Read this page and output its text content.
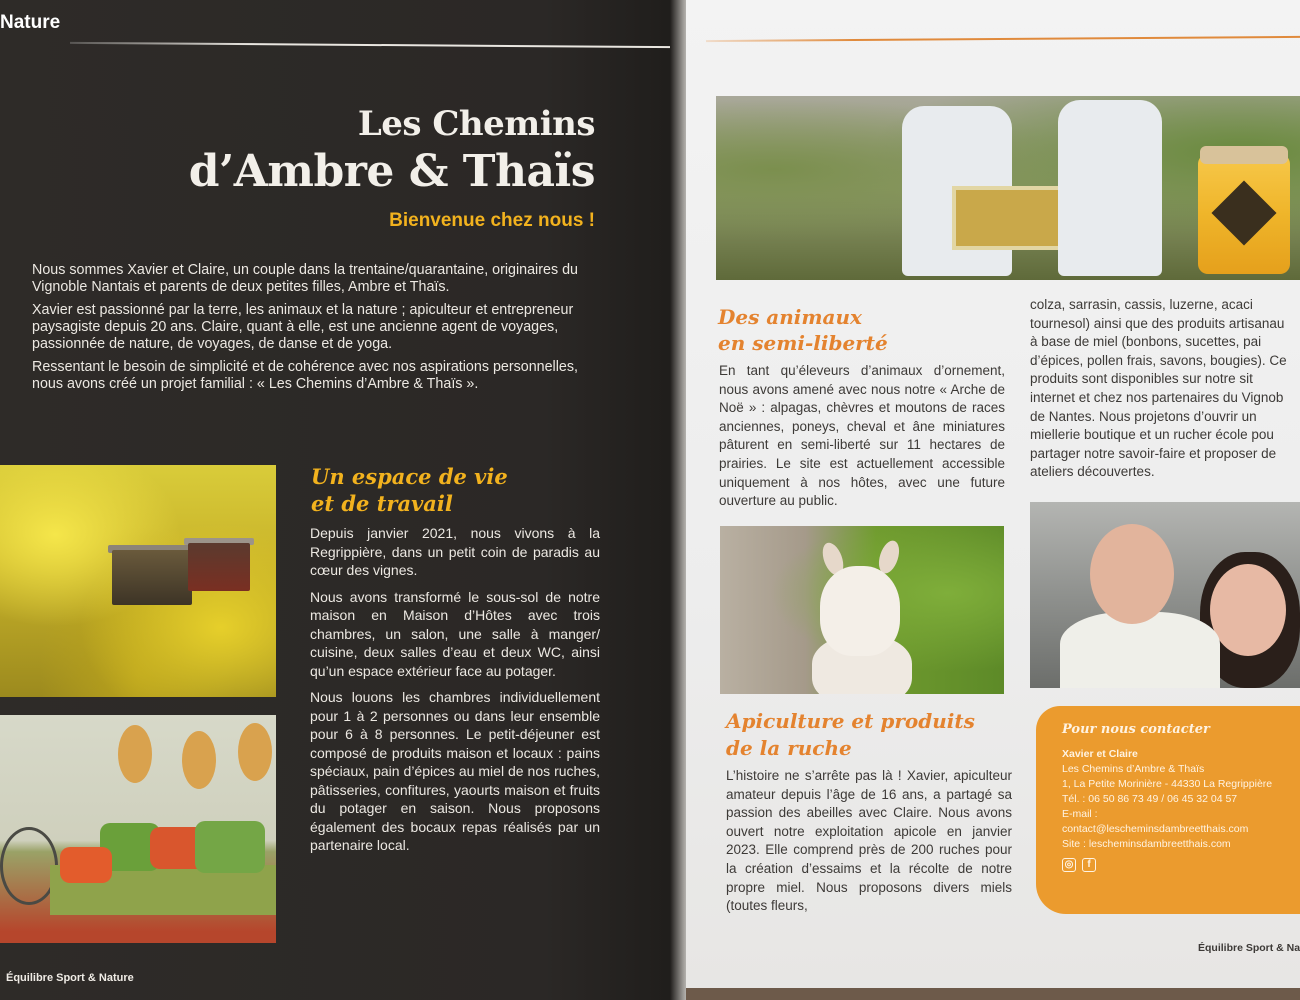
Nature
Les Chemins
d’Ambre & Thaïs
Bienvenue chez nous !

Nous sommes Xavier et Claire, un couple dans la trentaine/quarantaine, originaires du Vignoble Nantais et parents de deux petites filles, Ambre et Thaïs.

Xavier est passionné par la terre, les animaux et la nature ; apiculteur et entrepreneur paysagiste depuis 20 ans. Claire, quant à elle, est une ancienne agent de voyages, passionnée de nature, de voyages, de danse et de yoga.

Ressentant le besoin de simplicité et de cohérence avec nos aspirations personnelles, nous avons créé un projet familial : « Les Chemins d’Ambre & Thaïs ».

Un espace de vie
et de travail

Depuis janvier 2021, nous vivons à la Regrippière, dans un petit coin de paradis au cœur des vignes.

Nous avons transformé le sous-sol de notre maison en Maison d’Hôtes avec trois chambres, un salon, une salle à manger/ cuisine, deux salles d’eau et deux WC, ainsi qu’un espace extérieur face au potager.

Nous louons les chambres individuellement pour 1 à 2 personnes ou dans leur ensemble pour 6 à 8 personnes. Le petit-déjeuner est composé de produits maison et locaux : pains spéciaux, pain d’épices au miel de nos ruches, pâtisseries, confitures, yaourts maison et fruits du potager en saison. Nous proposons également des bocaux repas réalisés par un partenaire local.

Équilibre Sport & Nature
Des animaux
en semi-liberté
En tant qu’éleveurs d’animaux d’ornement, nous avons amené avec nous notre « Arche de Noë » : alpagas, chèvres et moutons de races anciennes, poneys, cheval et âne miniatures pâturent en semi-liberté sur 11 hectares de prairies. Le site est actuellement accessible uniquement à nos hôtes, avec une future ouverture au public.
colza, sarrasin, cassis, luzerne, acaci
tournesol) ainsi que des produits artisanau
à base de miel (bonbons, sucettes, pai
d’épices, pollen frais, savons, bougies). Ce
produits sont disponibles sur notre sit
internet et chez nos partenaires du Vignob
de Nantes. Nous projetons d’ouvrir un
miellerie boutique et un rucher école pou
partager notre savoir-faire et proposer de
ateliers découvertes.
Apiculture et produits
de la ruche
L’histoire ne s’arrête pas là ! Xavier, apiculteur amateur depuis l’âge de 16 ans, a partagé sa passion des abeilles avec Claire. Nous avons ouvert notre exploitation apicole en janvier 2023. Elle comprend près de 200 ruches pour la création d’essaims et la récolte de notre propre miel. Nous proposons divers miels (toutes fleurs,
Pour nous contacter
Xavier et Claire
Les Chemins d’Ambre & Thaïs
1, La Petite Morinière - 44330 La Regrippière
Tél. : 06 50 86 73 49 / 06 45 32 04 57
E-mail :
contact@lescheminsdambreetthais.com
Site : lescheminsdambreetthais.com
◎	f
Équilibre Sport & Na
